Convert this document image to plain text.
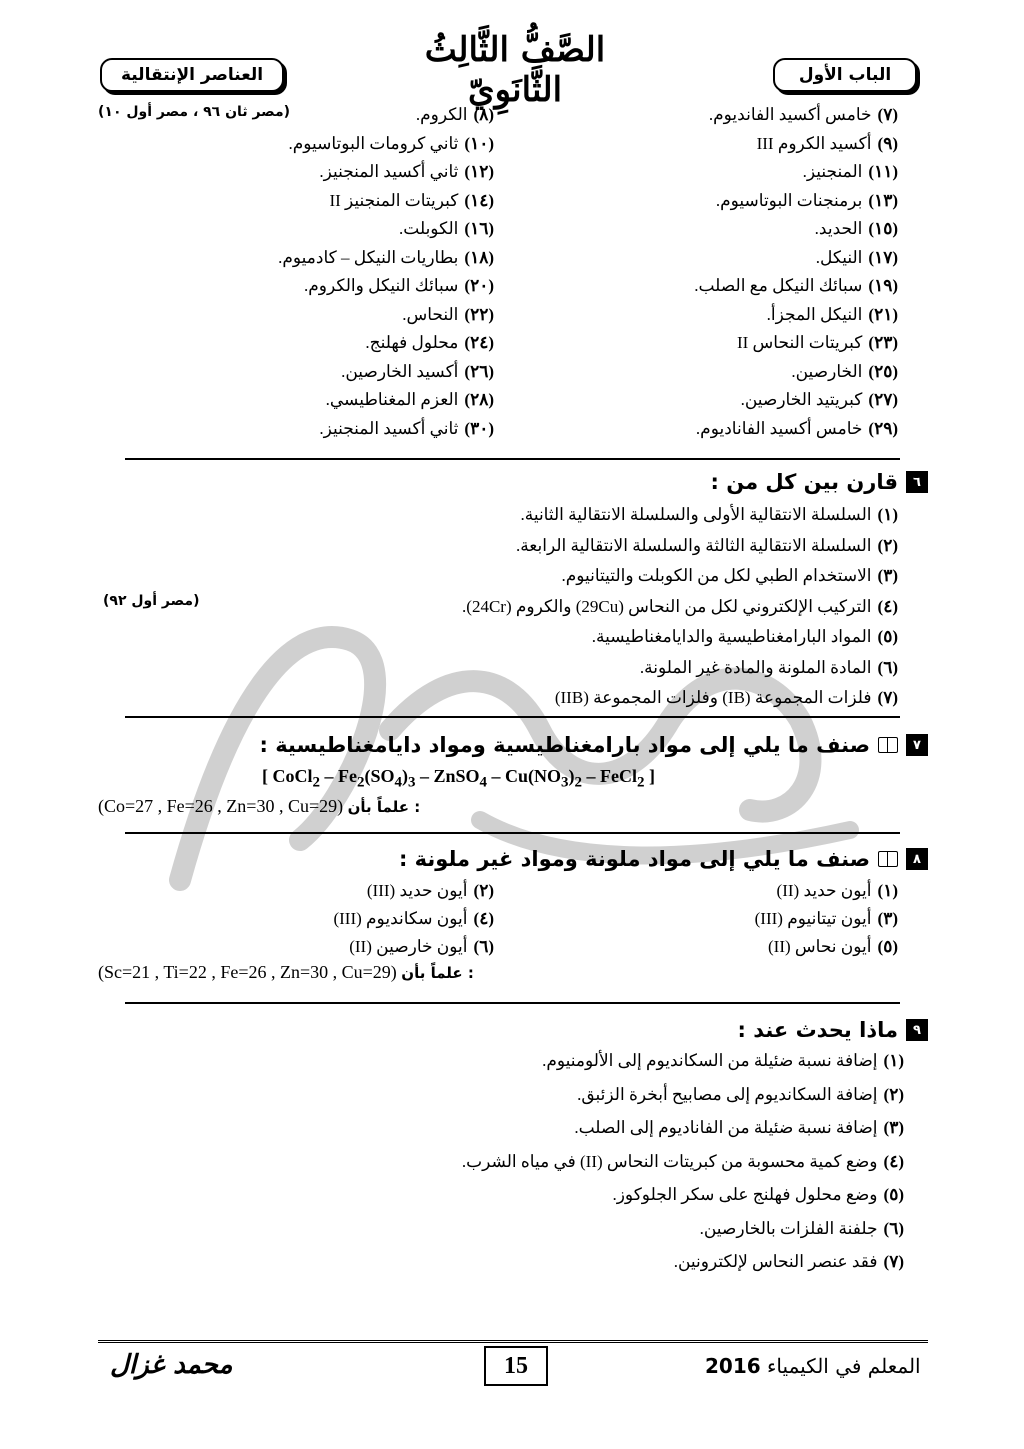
العناصر الإنتقالية
الصَّفُّ الثَّالِثُ الثَّانَوِيّ	الباب الأول
(مصر ثان ٩٦ ، مصر أول ١٠)	(٧)خامس أكسيد الفانديوم.
(٨)الكروم.
(٩)أكسيد الكروم III
(١٠)ثاني كرومات البوتاسيوم.
(١١)المنجنيز.
(١٢)ثاني أكسيد المنجنيز.
(١٣)برمنجنات البوتاسيوم.
(١٤)كبريتات المنجنيز II
(١٥)الحديد.
(١٦)الكوبلت.
(١٧)النيكل.
(١٨)بطاريات النيكل – كادميوم.
(١٩)سبائك النيكل مع الصلب.
(٢٠)سبائك النيكل والكروم.
(٢١)النيكل المجزأ.
(٢٢)النحاس.
(٢٣)كبريتات النحاس II
(٢٤)محلول فهلنج.
(٢٥)الخارصين.
(٢٦)أكسيد الخارصين.
(٢٧)كبريتيد الخارصين.
(٢٨)العزم المغناطيسي.
(٢٩)خامس أكسيد الفاناديوم.
(٣٠)ثاني أكسيد المنجنيز.
٦
قارن بين كل من :
(مصر أول ٩٢)
(١)السلسلة الانتقالية الأولى والسلسلة الانتقالية الثانية.
(٢)السلسلة الانتقالية الثالثة والسلسلة الانتقالية الرابعة.
(٣)الاستخدام الطبي لكل من الكوبلت والتيتانيوم.
(٤)التركيب الإلكتروني لكل من النحاس (29Cu) والكروم (24Cr).
(٥)المواد البارامغناطيسية والدايامغناطيسية.
(٦)المادة الملونة والمادة غير الملونة.
(٧)فلزات المجموعة (IB) وفلزات المجموعة (IIB)
٧
صنف ما يلي إلى مواد بارامغناطيسية ومواد دايامغناطيسية :
[ CoCl$_2$ – $Fe_2(SO_4)_3$ – ZnSO$_4$ – $Cu(NO_3)_2$ – FeCl$_2$ ]
(Co=27 , Fe=26 , Zn=30 , Cu=29) علماً بأن :
٨
صنف ما يلي إلى مواد ملونة ومواد غير ملونة :
(١)أيون حديد (II)
(٢)أيون حديد (III)
(٣)أيون تيتانيوم (III)
(٤)أيون سكانديوم (III)
(٥)أيون نحاس (II)
(٦)أيون خارصين (II)
(Sc=21 , Ti=22 , Fe=26 , Zn=30 , Cu=29) علماً بأن :
٩
ماذا يحدث عند :
(١)إضافة نسبة ضئيلة من السكانديوم إلى الألومنيوم.
(٢)إضافة السكانديوم إلى مصابيح أبخرة الزئبق.
(٣)إضافة نسبة ضئيلة من الفاناديوم إلى الصلب.
(٤)وضع كمية محسوبة من كبريتات النحاس (II) في مياه الشرب.
(٥)وضع محلول فهلنج على سكر الجلوكوز.
(٦)جلفنة الفلزات بالخارصين.
(٧)فقد عنصر النحاس لإلكترونين.
محمد غزال	15	المعلم في الكيمياء 2016
